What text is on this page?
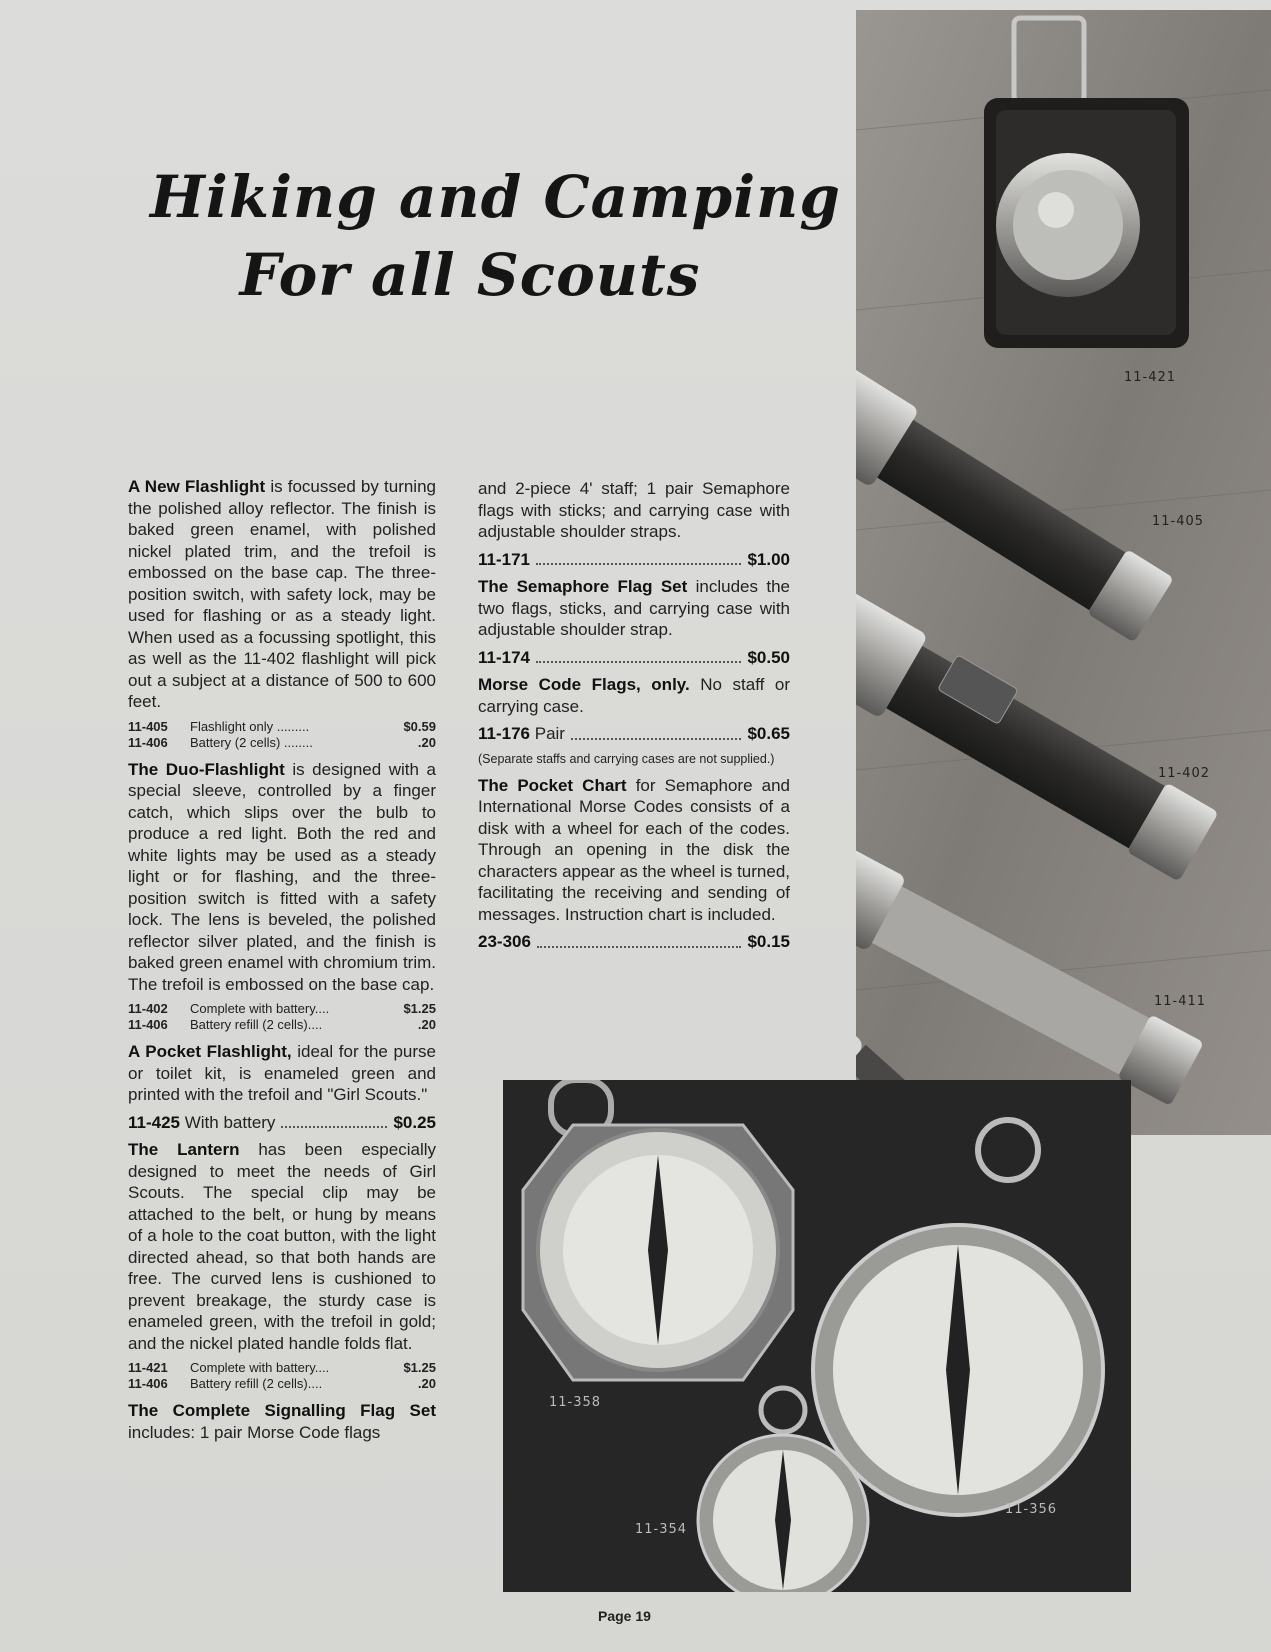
Hiking and Camping
For all Scouts

A New Flashlight is focussed by turning the polished alloy reflector. The finish is baked green enamel, with polished nickel plated trim, and the trefoil is embossed on the base cap. The three-position switch, with safety lock, may be used for flashing or as a steady light. When used as a focussing spotlight, this as well as the 11-402 flashlight will pick out a subject at a distance of 500 to 600 feet.

11-405	Flashlight only .........	$0.59
11-406	Battery (2 cells) ........	.20

The Duo-Flashlight is designed with a special sleeve, controlled by a finger catch, which slips over the bulb to produce a red light. Both the red and white lights may be used as a steady light or for flashing, and the three-position switch is fitted with a safety lock. The lens is beveled, the polished reflector silver plated, and the finish is baked green enamel with chromium trim. The trefoil is embossed on the base cap.

11-402	Complete with battery....	$1.25
11-406	Battery refill (2 cells)....	.20

A Pocket Flashlight, ideal for the purse or toilet kit, is enameled green and printed with the trefoil and "Girl Scouts."

11-425 With battery	$0.25

The Lantern has been especially designed to meet the needs of Girl Scouts. The special clip may be attached to the belt, or hung by means of a hole to the coat button, with the light directed ahead, so that both hands are free. The curved lens is cushioned to prevent breakage, the sturdy case is enameled green, with the trefoil in gold; and the nickel plated handle folds flat.

11-421	Complete with battery....	$1.25
11-406	Battery refill (2 cells)....	.20

The Complete Signalling Flag Set includes: 1 pair Morse Code flags

and 2-piece 4' staff; 1 pair Semaphore flags with sticks; and carrying case with adjustable shoulder straps.

11-171	$1.00

The Semaphore Flag Set includes the two flags, sticks, and carrying case with adjustable shoulder strap.

11-174	$0.50

Morse Code Flags, only. No staff or carrying case.

11-176 Pair	$0.65
(Separate staffs and carrying cases are not supplied.)

The Pocket Chart for Semaphore and International Morse Codes consists of a disk with a wheel for each of the codes. Through an opening in the disk the characters appear as the wheel is turned, facilitating the receiving and sending of messages. Instruction chart is included.

23-306	$0.15
11-421
11-405
11-402
11-411
11-358
11-356
11-354
Page 19
